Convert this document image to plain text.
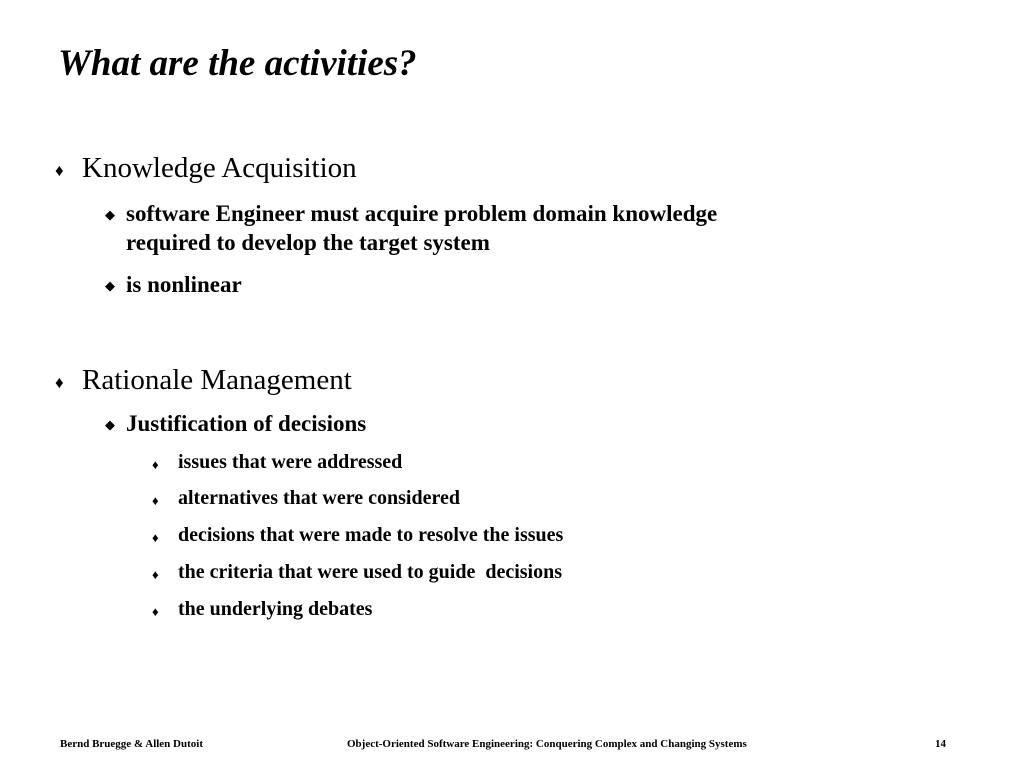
What are the activities?
♦ Knowledge Acquisition
◆ software Engineer must acquire problem domain knowledge
required to develop the target system
◆ is nonlinear
♦ Rationale Management
◆ Justification of decisions
♦ issues that were addressed
♦ alternatives that were considered
♦ decisions that were made to resolve the issues
♦ the criteria that were used to guide  decisions
♦ the underlying debates
Bernd Bruegge & Allen Dutoit	Object-Oriented Software Engineering: Conquering Complex and Changing Systems	14
